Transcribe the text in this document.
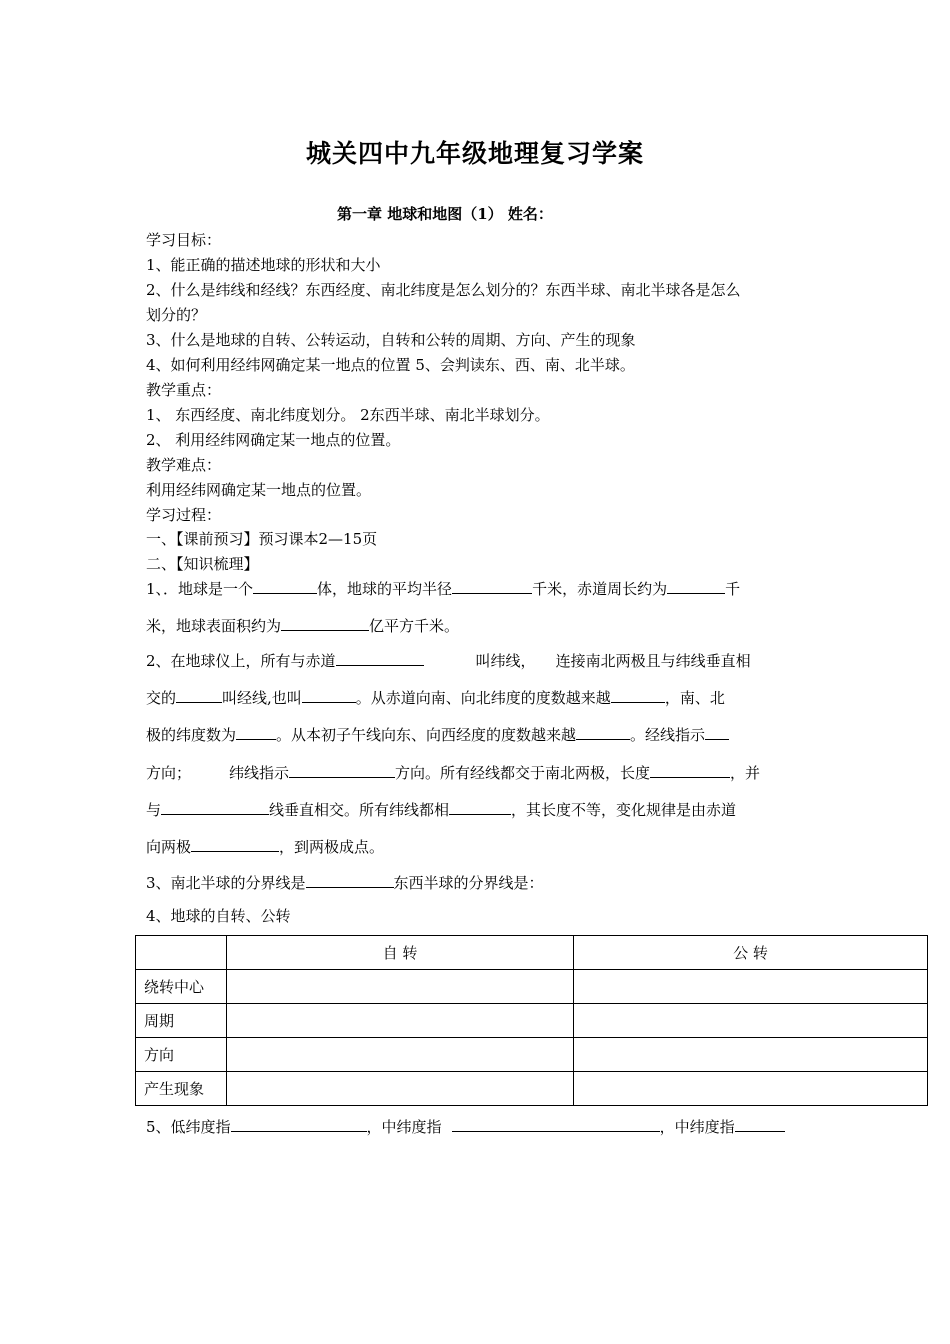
城关四中九年级地理复习学案
第一章 地球和地图（1） 姓名：
学习目标：
1、能正确的描述地球的形状和大小
2、什么是纬线和经线？东西经度、南北纬度是怎么划分的？东西半球、南北半球各是怎么
划分的？
3、什么是地球的自转、公转运动，自转和公转的周期、方向、产生的现象
4、如何利用经纬网确定某一地点的位置 5、会判读东、西、南、北半球。
教学重点：
1、 东西经度、南北纬度划分。 2东西半球、南北半球划分。
2、 利用经纬网确定某一地点的位置。
教学难点：
利用经纬网确定某一地点的位置。
学习过程：
一、【课前预习】预习课本2—15页
二、【知识梳理】
1、．地球是一个	体，地球的平均半径	千米，赤道周长约为	千
米，地球表面积约为	亿平方千米。
2、在地球仪上，所有与赤道	叫纬线， 连接南北两极且与纬线垂直相
交的	叫经线,也叫	。从赤道向南、向北纬度的度数越来越	，南、北
极的纬度数为	。从本初子午线向东、向西经度的度数越来越	。经线指示
方向；	纬线指示	方向。所有经线都交于南北两极，长度	，并
与	线垂直相交。所有纬线都相	，其长度不等，变化规律是由赤道
向两极	，到两极成点。
3、南北半球的分界线是	东西半球的分界线是：
4、地球的自转、公转
	自 转	公 转
绕转中心		
周期		
方向		
产生现象		
5、低纬度指	，中纬度指	，中纬度指
